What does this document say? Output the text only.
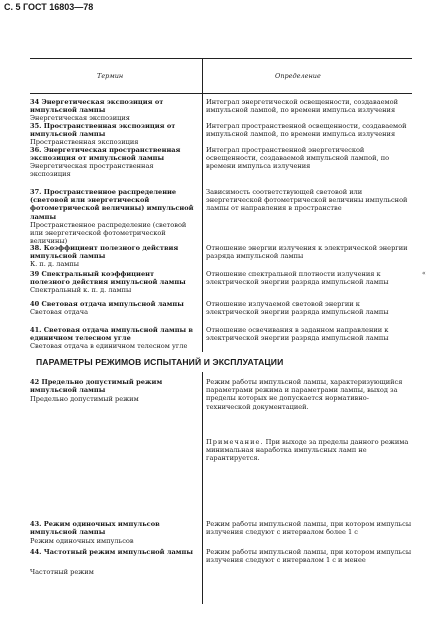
С. 5 ГОСТ 16803—78
Термин	Определение
«
34 Энергетическая экспозиция от импульсной лампы
Энергетическая экспозиция
Интеграл энергетической освещенности, создаваемой импульсной лампой, по времени импульса излучения
35. Пространственная экспозиция от импульсной лампы
Пространственная экспозиция
Интеграл пространственной освещенности, создаваемой импульсной лампой, по времени импульса излучения
36. Энергетическая пространственная экспозиция от импульсной лампы
Энергетическая пространственная экспозиция
Интеграл пространственной энергетической освещенности, создаваемой импульсной лампой, по времени импульса излучения
37. Пространственное распределение (световой или энергетической фотометрической величины) импульсной лампы
Пространственное распределение (световой или энергетической фотометрической величины)
Зависимость соответствующей световой или энергетической фотометрической величины импульсной лампы от направления в пространстве
38. Коэффициент полезного действия импульсной лампы
К. п. д. лампы
Отношение энергии излучения к электрической энергии разряда импульсной лампы
39 Спектральный коэффициент полезного действия импульсной лампы
Спектральный к. п. д. лампы
Отношение спектральной плотности излучения к электрической энергии разряда импульсной лампы
40 Световая отдача импульсной лампы
Световая отдача
Отношение излучаемой световой энергии к электрической энергии разряда импульсной лампы
ПАРАМЕТРЫ РЕЖИМОВ ИСПЫТАНИЙ И ЭКСПЛУАТАЦИИ
42 Предельно допустимый режим импульсной лампы
Предельно допустимый режим
Режим работы импульсной лампы, характеризующийся параметрами режима и параметрами лампы, выход за пределы которых не допускается нормативно-технической документацией.
Примечание. При выходе за пределы данного режима минимальная наработка импульсных ламп не гарантируется.
43. Режим одиночных импульсов импульсной лампы
Режим одиночных импульсов
Режим работы импульсной лампы, при котором импульсы излучения следуют с интервалом более 1 с
44. Частотный режим импульсной лампы
Частотный режим
Режим работы импульсной лампы, при котором импульсы излучения следуют с интервалом 1 с и менее
41. Световая отдача импульсной лампы в единичном телесном угле
Световая отдача в единичном телесном угле
Отношение освечивания в заданном направлении к электрической энергии разряда импульсной лампы
